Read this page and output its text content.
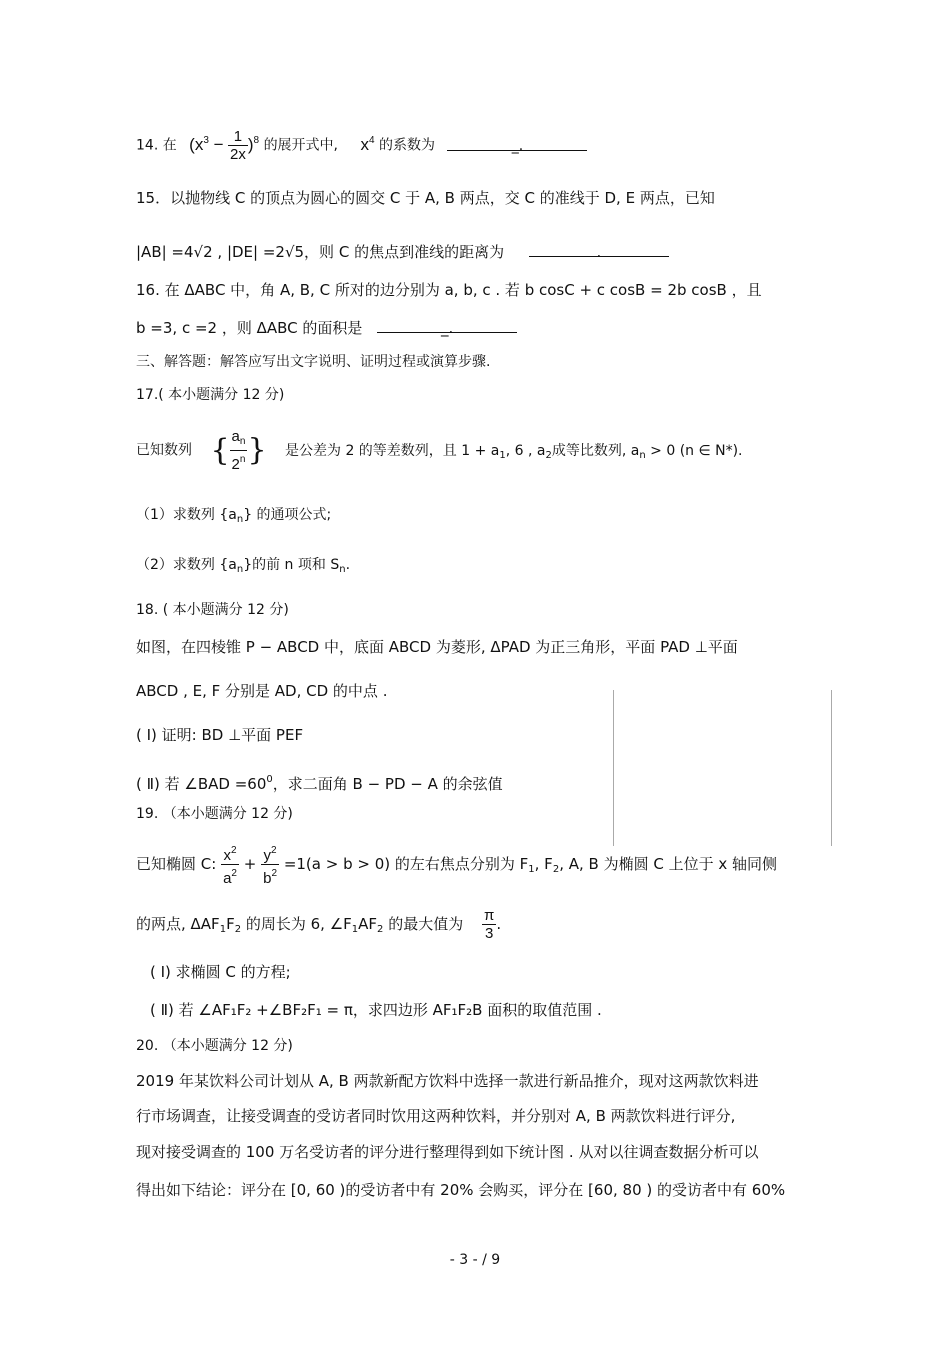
14. 在 $(x^3 - \frac{1}{2x} )^8$ 的展开式中, $x^4$ 的系数为	_.
15．以抛物线 C 的顶点为圆心的圆交 C 于 A, B 两点，交 C 的准线于 D, E 两点，已知
|AB| =4√2 , |DE| =2√5，则 C 的焦点到准线的距离为	.
16. 在 ΔABC 中，角 A, B, C 所对的边分别为 a, b, c . 若 b cosC + c cosB = 2b cosB ，且
b =3, c =2 ，则 ΔABC 的面积是	_.
三、解答题：解答应写出文字说明、证明过程或演算步骤.
17.( 本小题满分 12 分)
已知数列 { $\frac{a_n}{2^n}$ } 是公差为 2 的等差数列，且 $1 + a_1$, 6 , $a_2$成等比数列, $a_n > 0$ (n ∈ N*).
（1）求数列 $\{a_n\}$ 的通项公式;
（2）求数列 $\{a_n\}$的前 n 项和 $S_n$.
18. ( 本小题满分 12 分)
如图，在四棱锥 P − ABCD 中，底面 ABCD 为菱形, ΔPAD 为正三角形，平面 PAD ⊥平面
ABCD , E, F 分别是 AD, CD 的中点 .
( Ⅰ) 证明: BD ⊥平面 PEF
( Ⅱ) 若 ∠BAD $=60^0$，求二面角 B − PD − A 的余弦值
19. （本小题满分 12 分)
已知椭圆 C: $\frac{x^2}{a^2} + \frac{y^2}{b^2} =1(a > b > 0)$ 的左右焦点分别为 $F_1$, $F_2$, A, B 为椭圆 C 上位于 x 轴同侧
的两点, $\Delta AF_1F_2$ 的周长为 6, $\angle F_1AF_2$ 的最大值为 $\frac{\pi}{3}$ .
( Ⅰ) 求椭圆 C 的方程;
( Ⅱ) 若 ∠AF₁F₂ +∠BF₂F₁ = π，求四边形 AF₁F₂B 面积的取值范围 .
20. （本小题满分 12 分)
2019 年某饮料公司计划从 A, B 两款新配方饮料中选择一款进行新品推介，现对这两款饮料进
行市场调查，让接受调查的受访者同时饮用这两种饮料，并分别对 A, B 两款饮料进行评分,
现对接受调查的 100 万名受访者的评分进行整理得到如下统计图 . 从对以往调查数据分析可以
得出如下结论：评分在 [0, 60 )的受访者中有 20% 会购买，评分在 [60, 80 ) 的受访者中有 60%
- 3 - / 9
